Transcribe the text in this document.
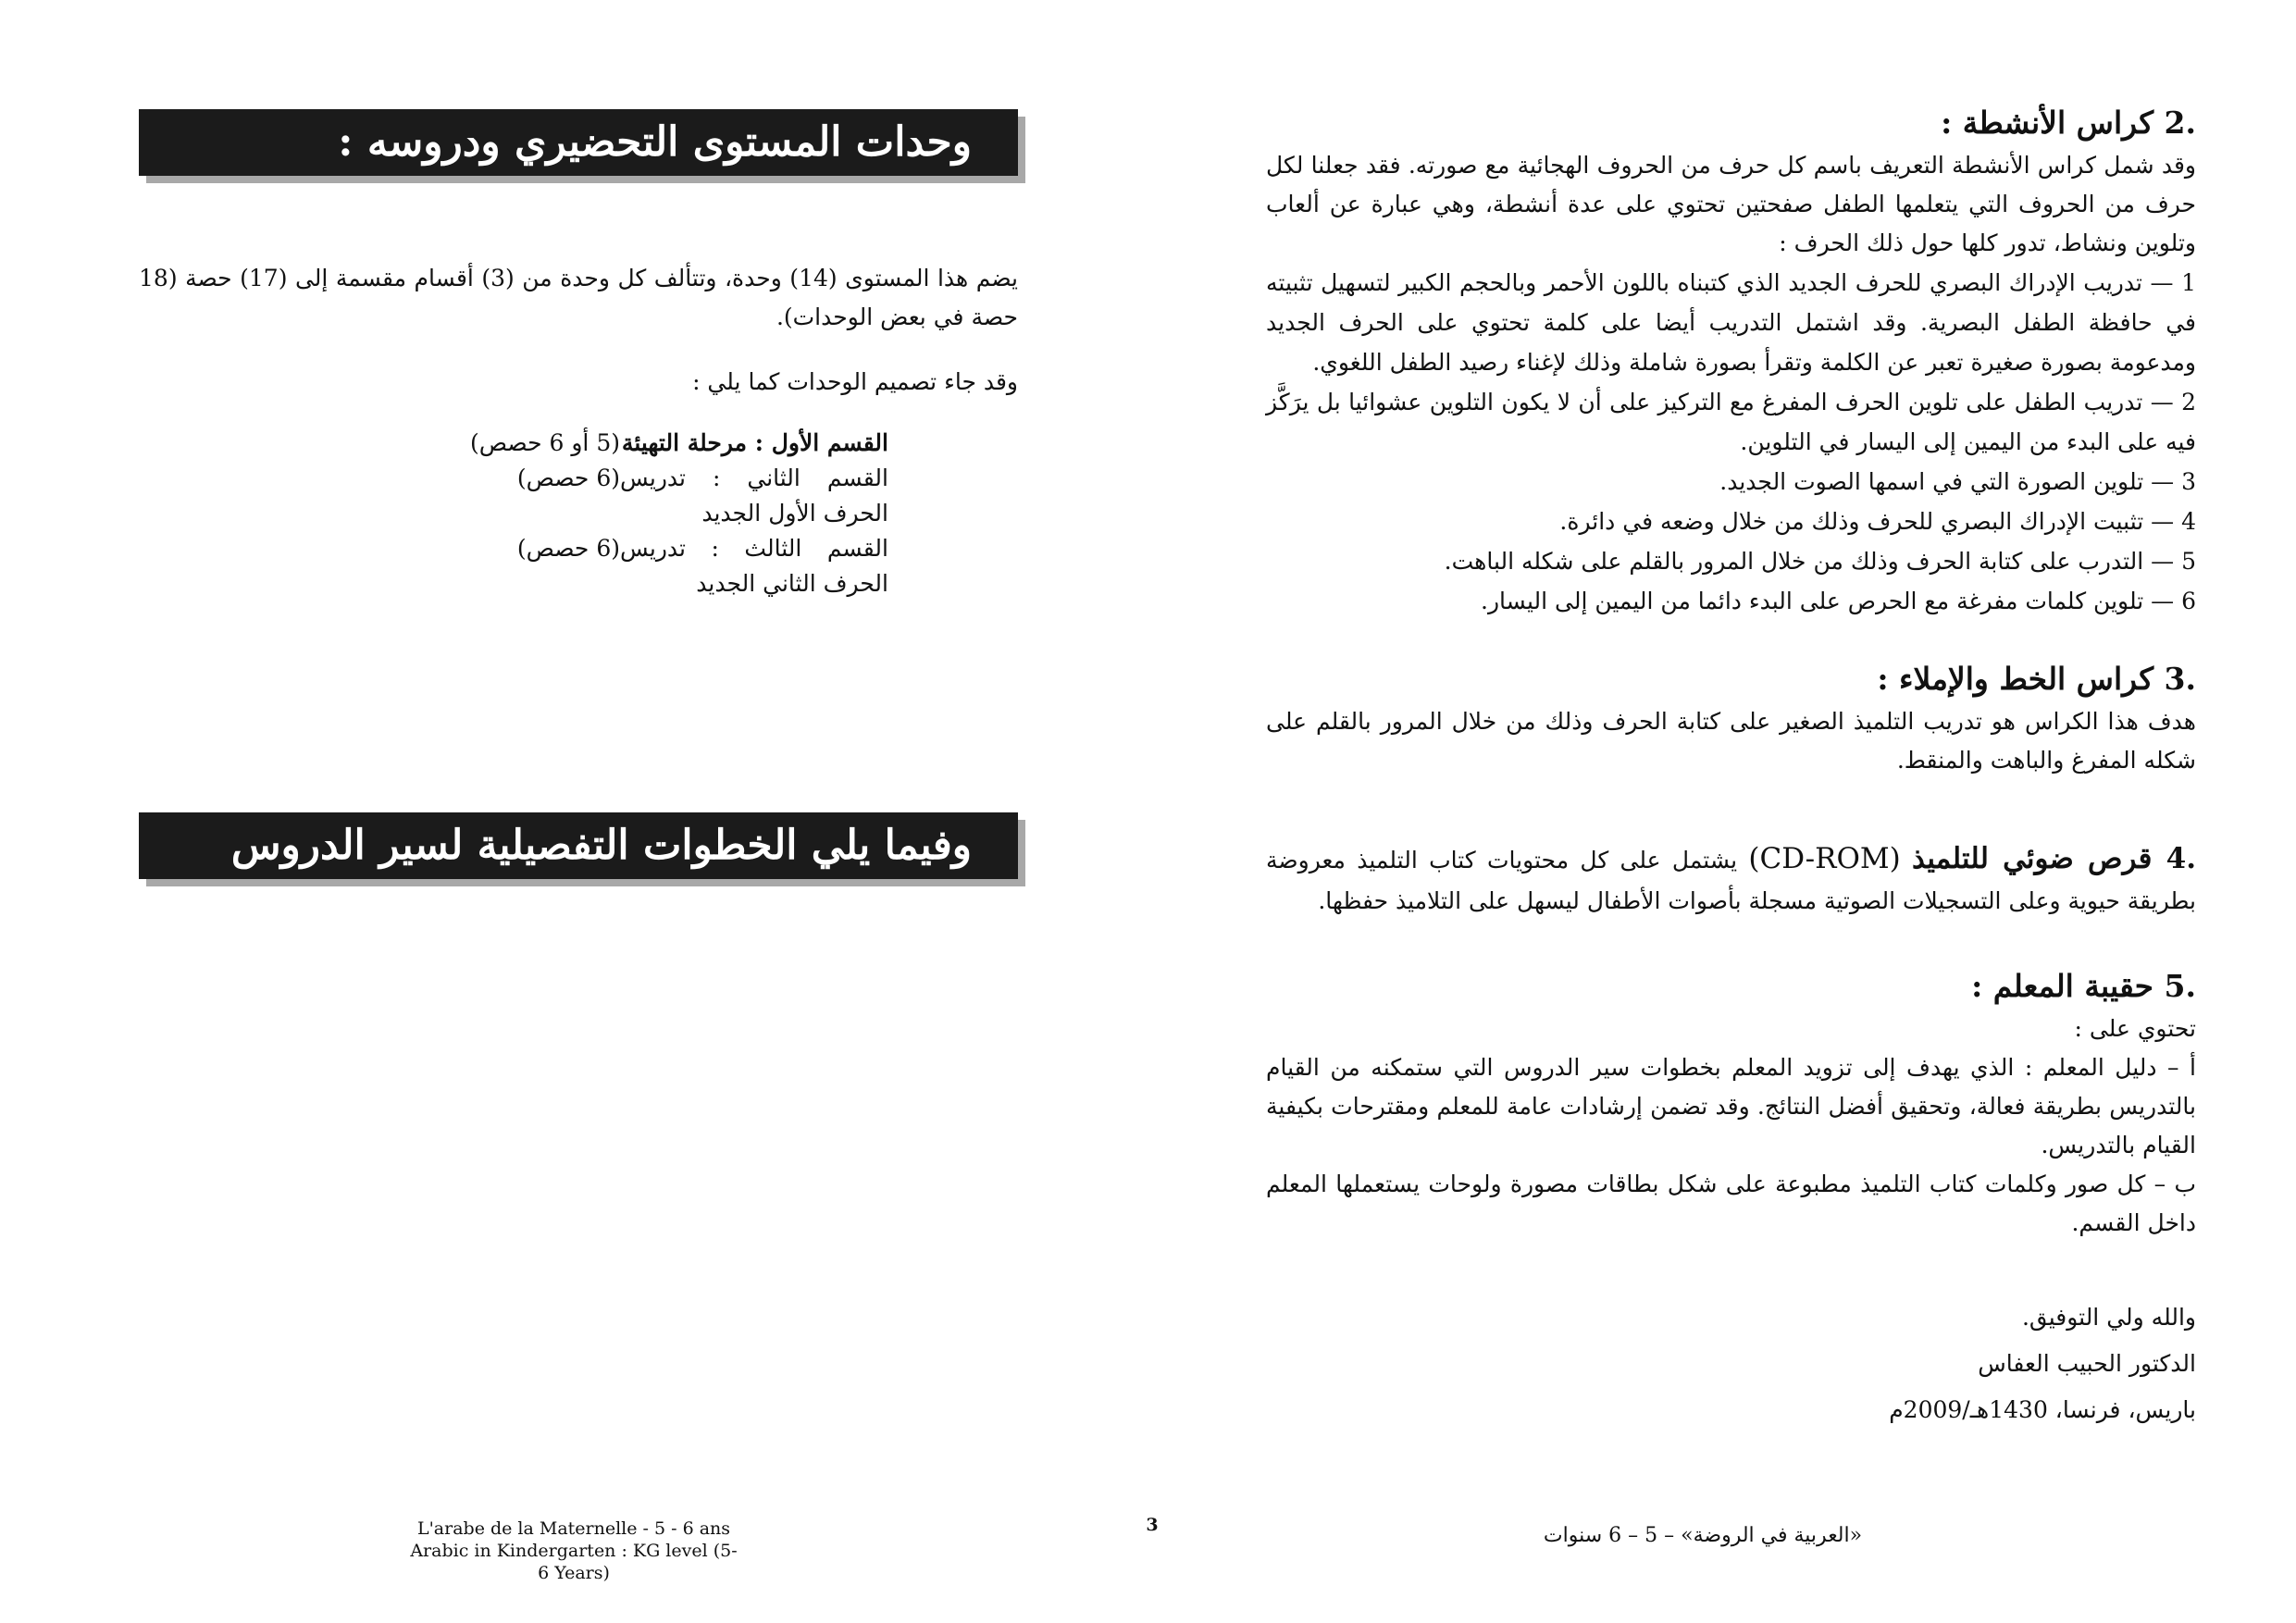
وحدات المستوى التحضيري ودروسه :

يضم هذا المستوى (14) وحدة، وتتألف كل وحدة من (3) أقسام مقسمة إلى (17) حصة (18 حصة في بعض الوحدات).

وقد جاء تصميم الوحدات كما يلي :

القسم الأول : مرحلة التهيئة
(5 أو 6 حصص)
القسم الثاني : تدريس الحرف الأول الجديد
(6 حصص)
القسم الثالث : تدريس الحرف الثاني الجديد
(6 حصص)
وفيما يلي الخطوات التفصيلية لسير الدروس
.2 كراس الأنشطة :

وقد شمل كراس الأنشطة التعريف باسم كل حرف من الحروف الهجائية مع صورته. فقد جعلنا لكل حرف من الحروف التي يتعلمها الطفل صفحتين تحتوي على عدة أنشطة، وهي عبارة عن ألعاب وتلوين ونشاط، تدور كلها حول ذلك الحرف :

1 — تدريب الإدراك البصري للحرف الجديد الذي كتبناه باللون الأحمر وبالحجم الكبير لتسهيل تثبيته في حافظة الطفل البصرية. وقد اشتمل التدريب أيضا على كلمة تحتوي على الحرف الجديد ومدعومة بصورة صغيرة تعبر عن الكلمة وتقرأ بصورة شاملة وذلك لإغناء رصيد الطفل اللغوي.

2 — تدريب الطفل على تلوين الحرف المفرغ مع التركيز على أن لا يكون التلوين عشوائيا بل يرَكَّز فيه على البدء من اليمين إلى اليسار في التلوين.

3 — تلوين الصورة التي في اسمها الصوت الجديد.

4 — تثبيت الإدراك البصري للحرف وذلك من خلال وضعه في دائرة.

5 — التدرب على كتابة الحرف وذلك من خلال المرور بالقلم على شكله الباهت.

6 — تلوين كلمات مفرغة مع الحرص على البدء دائما من اليمين إلى اليسار.

.3 كراس الخط والإملاء :

هدف هذا الكراس هو تدريب التلميذ الصغير على كتابة الحرف وذلك من خلال المرور بالقلم على شكله المفرغ والباهت والمنقط.

.4 قرص ضوئي للتلميذ (CD-ROM) يشتمل على كل محتويات كتاب التلميذ معروضة بطريقة حيوية وعلى التسجيلات الصوتية مسجلة بأصوات الأطفال ليسهل على التلاميذ حفظها.

.5 حقيبة المعلم :

تحتوي على :

أ – دليل المعلم : الذي يهدف إلى تزويد المعلم بخطوات سير الدروس التي ستمكنه من القيام بالتدريس بطريقة فعالة، وتحقيق أفضل النتائج. وقد تضمن إرشادات عامة للمعلم ومقترحات بكيفية القيام بالتدريس.

ب – كل صور وكلمات كتاب التلميذ مطبوعة على شكل بطاقات مصورة ولوحات يستعملها المعلم داخل القسم.

والله ولي التوفيق.

الدكتور الحبيب العفاس

باريس، فرنسا، 1430هـ/2009م

L'arabe de la Maternelle - 5 - 6 ans
Arabic in Kindergarten : KG level (5-6 Years)
3	«العربية في الروضة» – 5 – 6 سنوات
